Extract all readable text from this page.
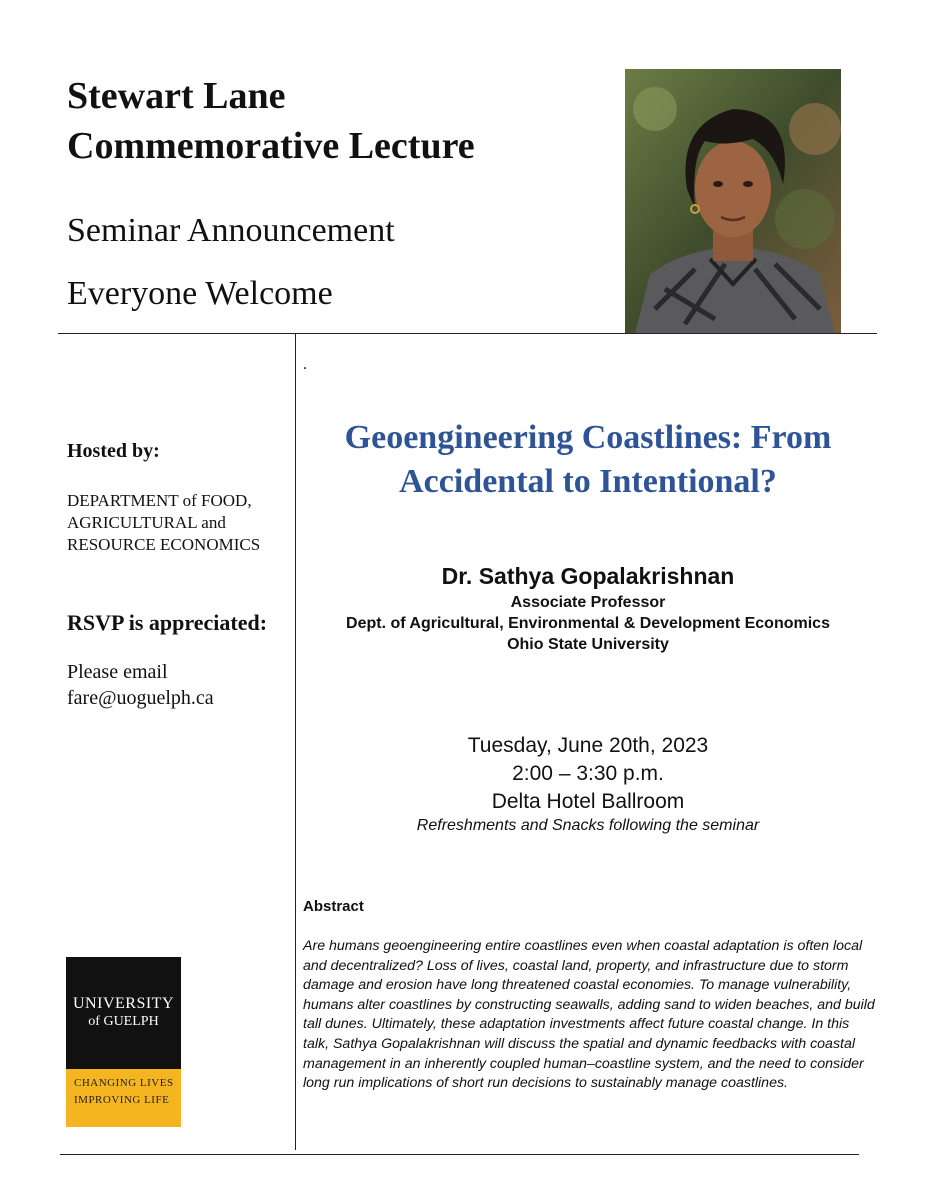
Stewart Lane
Commemorative Lecture
Seminar Announcement
Everyone Welcome
.
Hosted by:
DEPARTMENT of FOOD,
AGRICULTURAL and
RESOURCE ECONOMICS
RSVP is appreciated:
Please email
fare@uoguelph.ca
Geoengineering Coastlines: From
Accidental to Intentional?
Dr. Sathya Gopalakrishnan
Associate Professor
Dept. of Agricultural, Environmental & Development Economics
Ohio State University
Tuesday, June 20th, 2023
2:00 – 3:30 p.m.
Delta Hotel Ballroom
Refreshments and Snacks following the seminar
Abstract
Are humans geoengineering entire coastlines even when coastal adaptation is often local and decentralized? Loss of lives, coastal land, property, and infrastructure due to storm damage and erosion have long threatened coastal economies. To manage vulnerability, humans alter coastlines by constructing seawalls, adding sand to widen beaches, and build tall dunes. Ultimately, these adaptation investments affect future coastal change. In this talk, Sathya Gopalakrishnan will discuss the spatial and dynamic feedbacks with coastal management in an inherently coupled human–coastline system, and the need to consider long run implications of short run decisions to sustainably manage coastlines.
UNIVERSITY
of GUELPH
CHANGING LIVES
IMPROVING LIFE
